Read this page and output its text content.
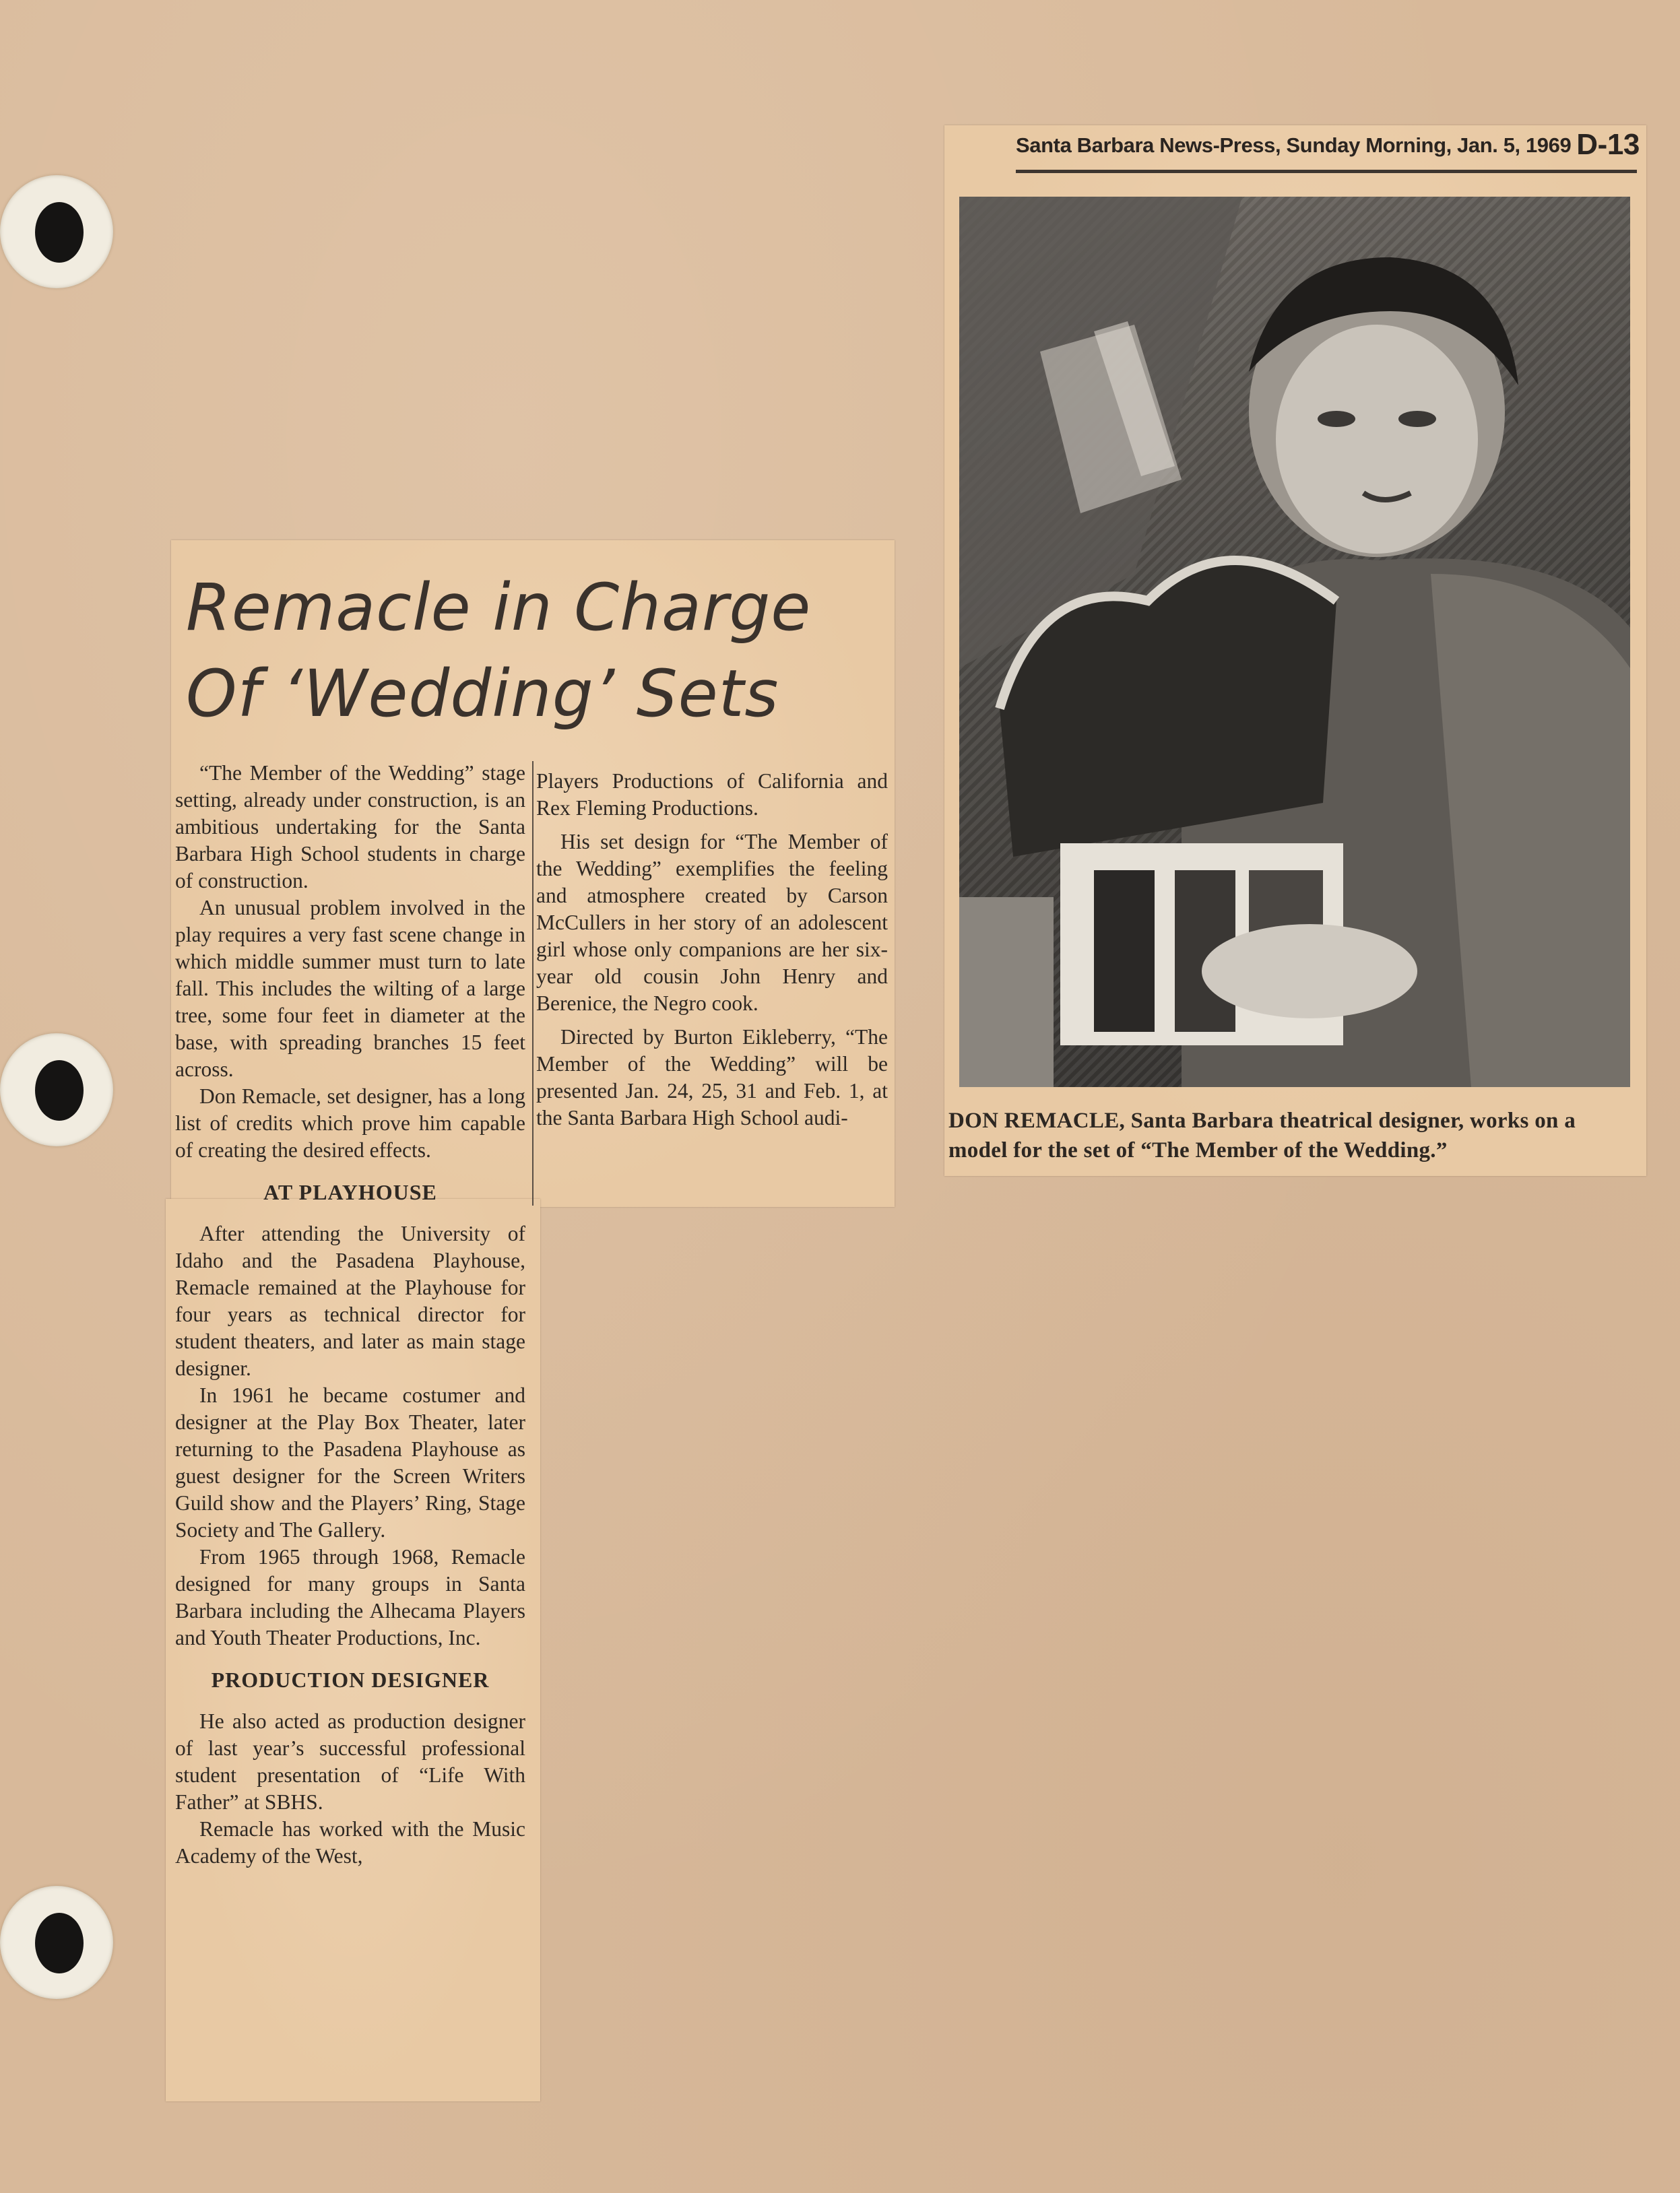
Remacle in Charge
Of ‘Wedding’ Sets

“The Member of the Wedding” stage setting, already under construction, is an ambitious undertaking for the Santa Barbara High School students in charge of construction.

An unusual problem involved in the play requires a very fast scene change in which middle summer must turn to late fall. This includes the wilting of a large tree, some four feet in diameter at the base, with spreading branches 15 feet across.

Don Remacle, set designer, has a long list of credits which prove him capable of creating the desired effects.

AT PLAYHOUSE

After attending the University of Idaho and the Pasadena Playhouse, Remacle remained at the Playhouse for four years as technical director for student theaters, and later as main stage designer.

In 1961 he became costumer and designer at the Play Box Theater, later returning to the Pasadena Playhouse as guest designer for the Screen Writers Guild show and the Players’ Ring, Stage Society and The Gallery.

From 1965 through 1968, Remacle designed for many groups in Santa Barbara including the Alhecama Players and Youth Theater Productions, Inc.

PRODUCTION DESIGNER

He also acted as production designer of last year’s successful professional student presentation of “Life With Father” at SBHS.

Remacle has worked with the Music Academy of the West,

Players Productions of California and Rex Fleming Productions.

His set design for “The Member of the Wedding” exemplifies the feeling and atmosphere created by Carson McCullers in her story of an adolescent girl whose only companions are her six-year old cousin John Henry and Berenice, the Negro cook.

Directed by Burton Eikleberry, “The Member of the Wedding” will be presented Jan. 24, 25, 31 and Feb. 1, at the Santa Barbara High School audi-

Santa Barbara News-Press, Sunday Morning, Jan. 5, 1969 D-13
DON REMACLE, Santa Barbara theatrical designer, works on a model for the set of “The Member of the Wedding.”
